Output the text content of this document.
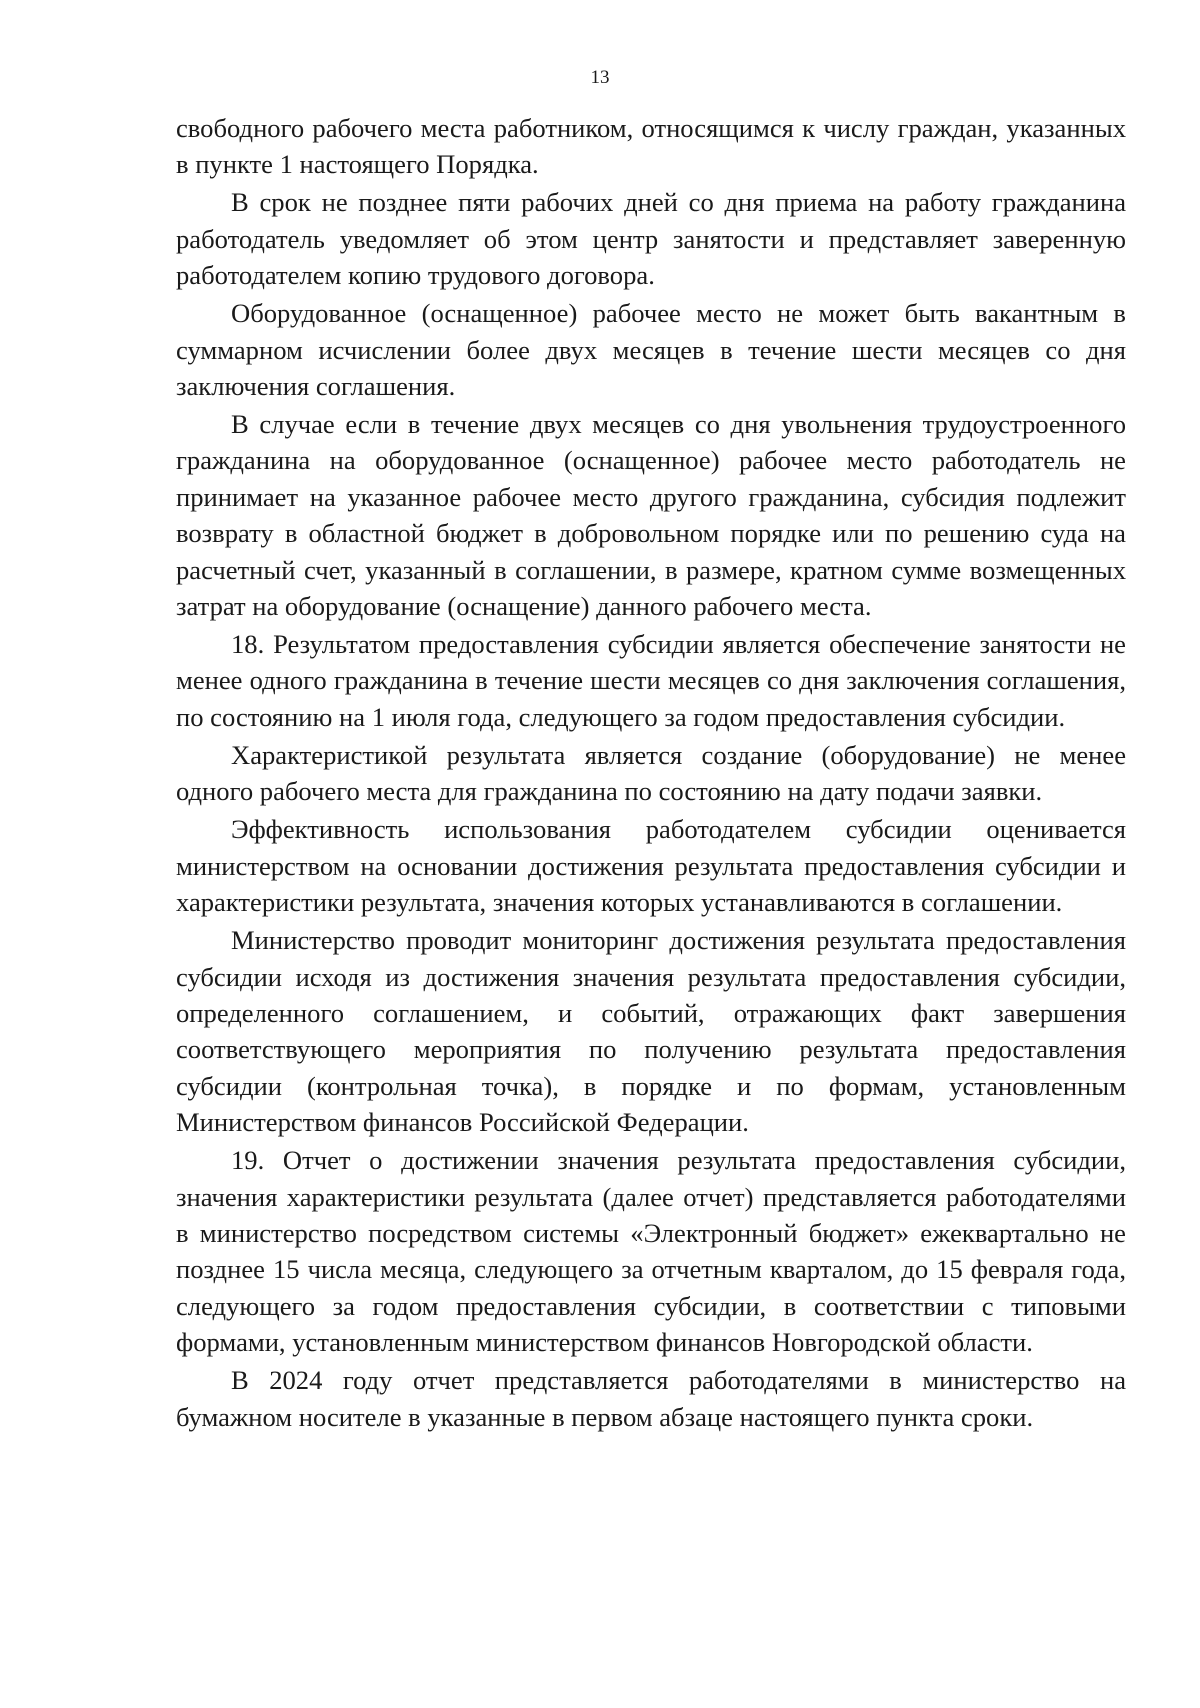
13

свободного рабочего места работником, относящимся к числу граждан, указанных в пункте 1 настоящего Порядка.

В срок не позднее пяти рабочих дней со дня приема на работу гражданина работодатель уведомляет об этом центр занятости и представляет заверенную работодателем копию трудового договора.

Оборудованное (оснащенное) рабочее место не может быть вакантным в суммарном исчислении более двух месяцев в течение шести месяцев со дня заключения соглашения.

В случае если в течение двух месяцев со дня увольнения трудоустроенного гражданина на оборудованное (оснащенное) рабочее место работодатель не принимает на указанное рабочее место другого гражданина, субсидия подлежит возврату в областной бюджет в добровольном порядке или по решению суда на расчетный счет, указанный в соглашении, в размере, кратном сумме возмещенных затрат на оборудование (оснащение) данного рабочего места.

18. Результатом предоставления субсидии является обеспечение занятости не менее одного гражданина в течение шести месяцев со дня заключения соглашения, по состоянию на 1 июля года, следующего за годом предоставления субсидии.

Характеристикой результата является создание (оборудование) не менее одного рабочего места для гражданина по состоянию на дату подачи заявки.

Эффективность использования работодателем субсидии оценивается министерством на основании достижения результата предоставления субсидии и характеристики результата, значения которых устанавливаются в соглашении.

Министерство проводит мониторинг достижения результата предоставления субсидии исходя из достижения значения результата предоставления субсидии, определенного соглашением, и событий, отражающих факт завершения соответствующего мероприятия по получению результата предоставления субсидии (контрольная точка), в порядке и по формам, установленным Министерством финансов Российской Федерации.

19. Отчет о достижении значения результата предоставления субсидии, значения характеристики результата (далее отчет) представляется работодателями в министерство посредством системы «Электронный бюджет» ежеквартально не позднее 15 числа месяца, следующего за отчетным кварталом, до 15 февраля года, следующего за годом предоставления субсидии, в соответствии с типовыми формами, установленным министерством финансов Новгородской области.

В 2024 году отчет представляется работодателями в министерство на бумажном носителе в указанные в первом абзаце настоящего пункта сроки.
